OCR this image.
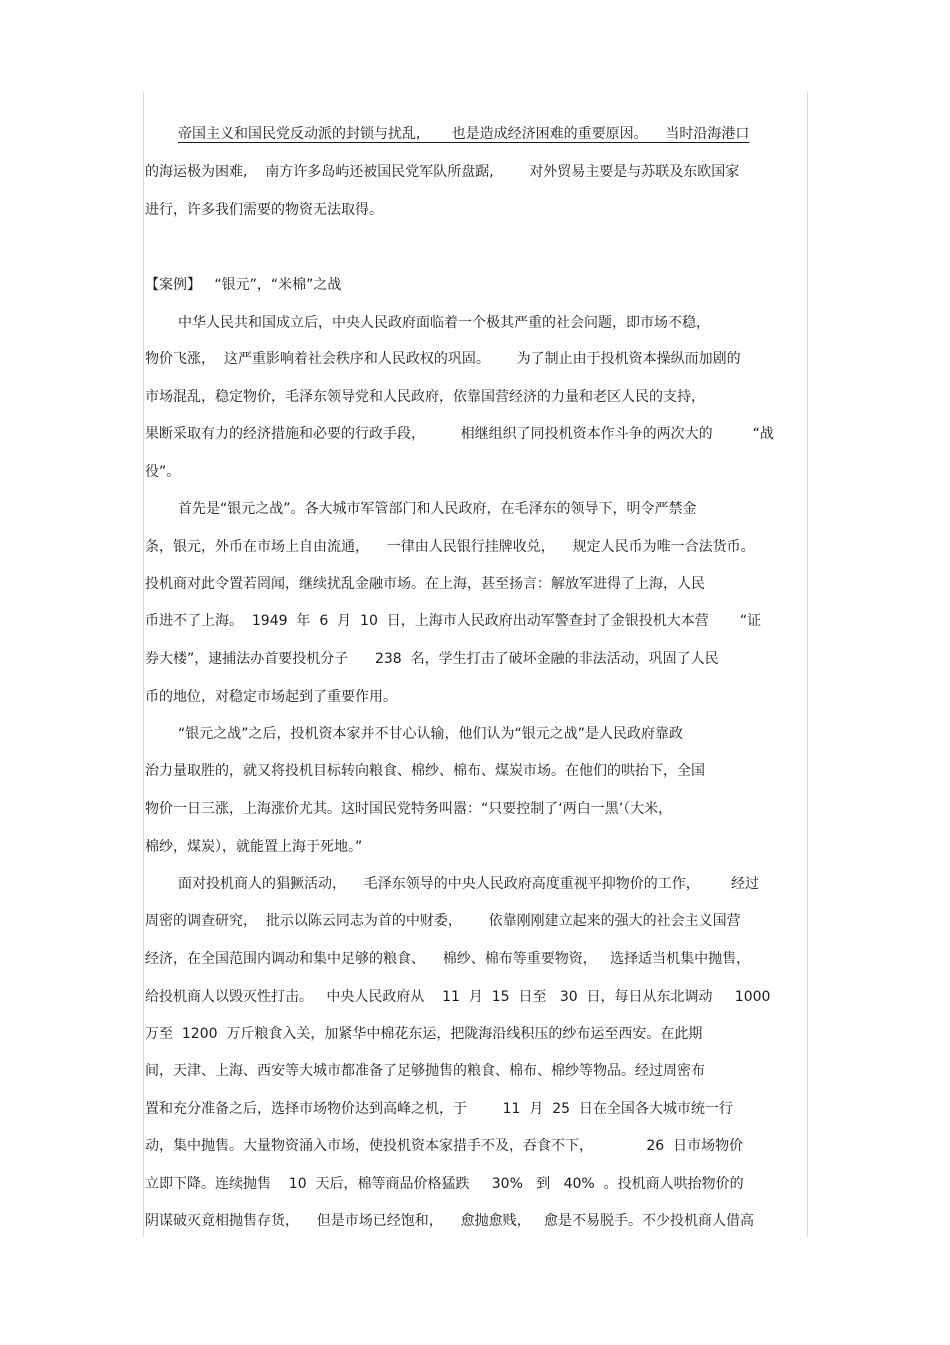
帝国主义和国民党反动派的封锁与扰乱,       也是造成经济困难的重要原因。    当时沿海港口
的海运极为困难,    南方许多岛屿还被国民党军队所盘踞,        对外贸易主要是与苏联及东欧国家
进行，许多我们需要的物资无法取得。
【案例】   “银元”，“米棉”之战
中华人民共和国成立后，中央人民政府面临着一个极其严重的社会问题，即市场不稳，
物价飞涨，  这严重影响着社会秩序和人民政权的巩固。      为了制止由于投机资本操纵而加剧的
市场混乱，稳定物价，毛泽东领导党和人民政府，依靠国营经济的力量和老区人民的支持，
果断采取有力的经济措施和必要的行政手段，        相继组织了同投机资本作斗争的两次大的         “战
役”。
首先是“银元之战”。各大城市军管部门和人民政府，在毛泽东的领导下，明令严禁金
条，银元，外币在市场上自由流通，    一律由人民银行挂牌收兑，    规定人民币为唯一合法货币。
投机商对此令置若罔闻，继续扰乱金融市场。在上海，甚至扬言：解放军进得了上海，人民
币进不了上海。  1949  年  6  月  10  日，上海市人民政府出动军警查封了金银投机大本营       “证
券大楼”，逮捕法办首要投机分子      238  名，学生打击了破坏金融的非法活动，巩固了人民
币的地位，对稳定市场起到了重要作用。
“银元之战”之后，投机资本家并不甘心认输，他们认为“银元之战”是人民政府靠政
治力量取胜的，就又将投机目标转向粮食、棉纱、棉布、煤炭市场。在他们的哄抬下，全国
物价一日三涨，上海涨价尤其。这时国民党特务叫嚣：“只要控制了‘两白一黑’（大米，
棉纱，煤炭），就能置上海于死地。”
面对投机商人的猖獗活动，    毛泽东领导的中央人民政府高度重视平抑物价的工作，       经过
周密的调查研究，  批示以陈云同志为首的中财委，      依靠刚刚建立起来的强大的社会主义国营
经济，在全国范围内调动和集中足够的粮食、    棉纱、棉布等重要物资，   选择适当机集中抛售，
给投机商人以毁灭性打击。   中央人民政府从    11  月  15  日至   30  日，每日从东北调动     1000
万至  1200  万斤粮食入关，加紧华中棉花东运，把陇海沿线积压的纱布运至西安。在此期
间，天津、上海、西安等大城市都准备了足够抛售的粮食、棉布、棉纱等物品。经过周密布
置和充分准备之后，选择市场物价达到高峰之机，于        11  月  25  日在全国各大城市统一行
动，集中抛售。大量物资涌入市场，使投机资本家措手不及，吞食不下，            26  日市场物价
立即下降。连续抛售    10  天后，棉等商品价格猛跌     30%   到   40%  。投机商人哄抬物价的
阴谋破灭竟相抛售存货，    但是市场已经饱和，    愈抛愈贱，   愈是不易脱手。不少投机商人借高
